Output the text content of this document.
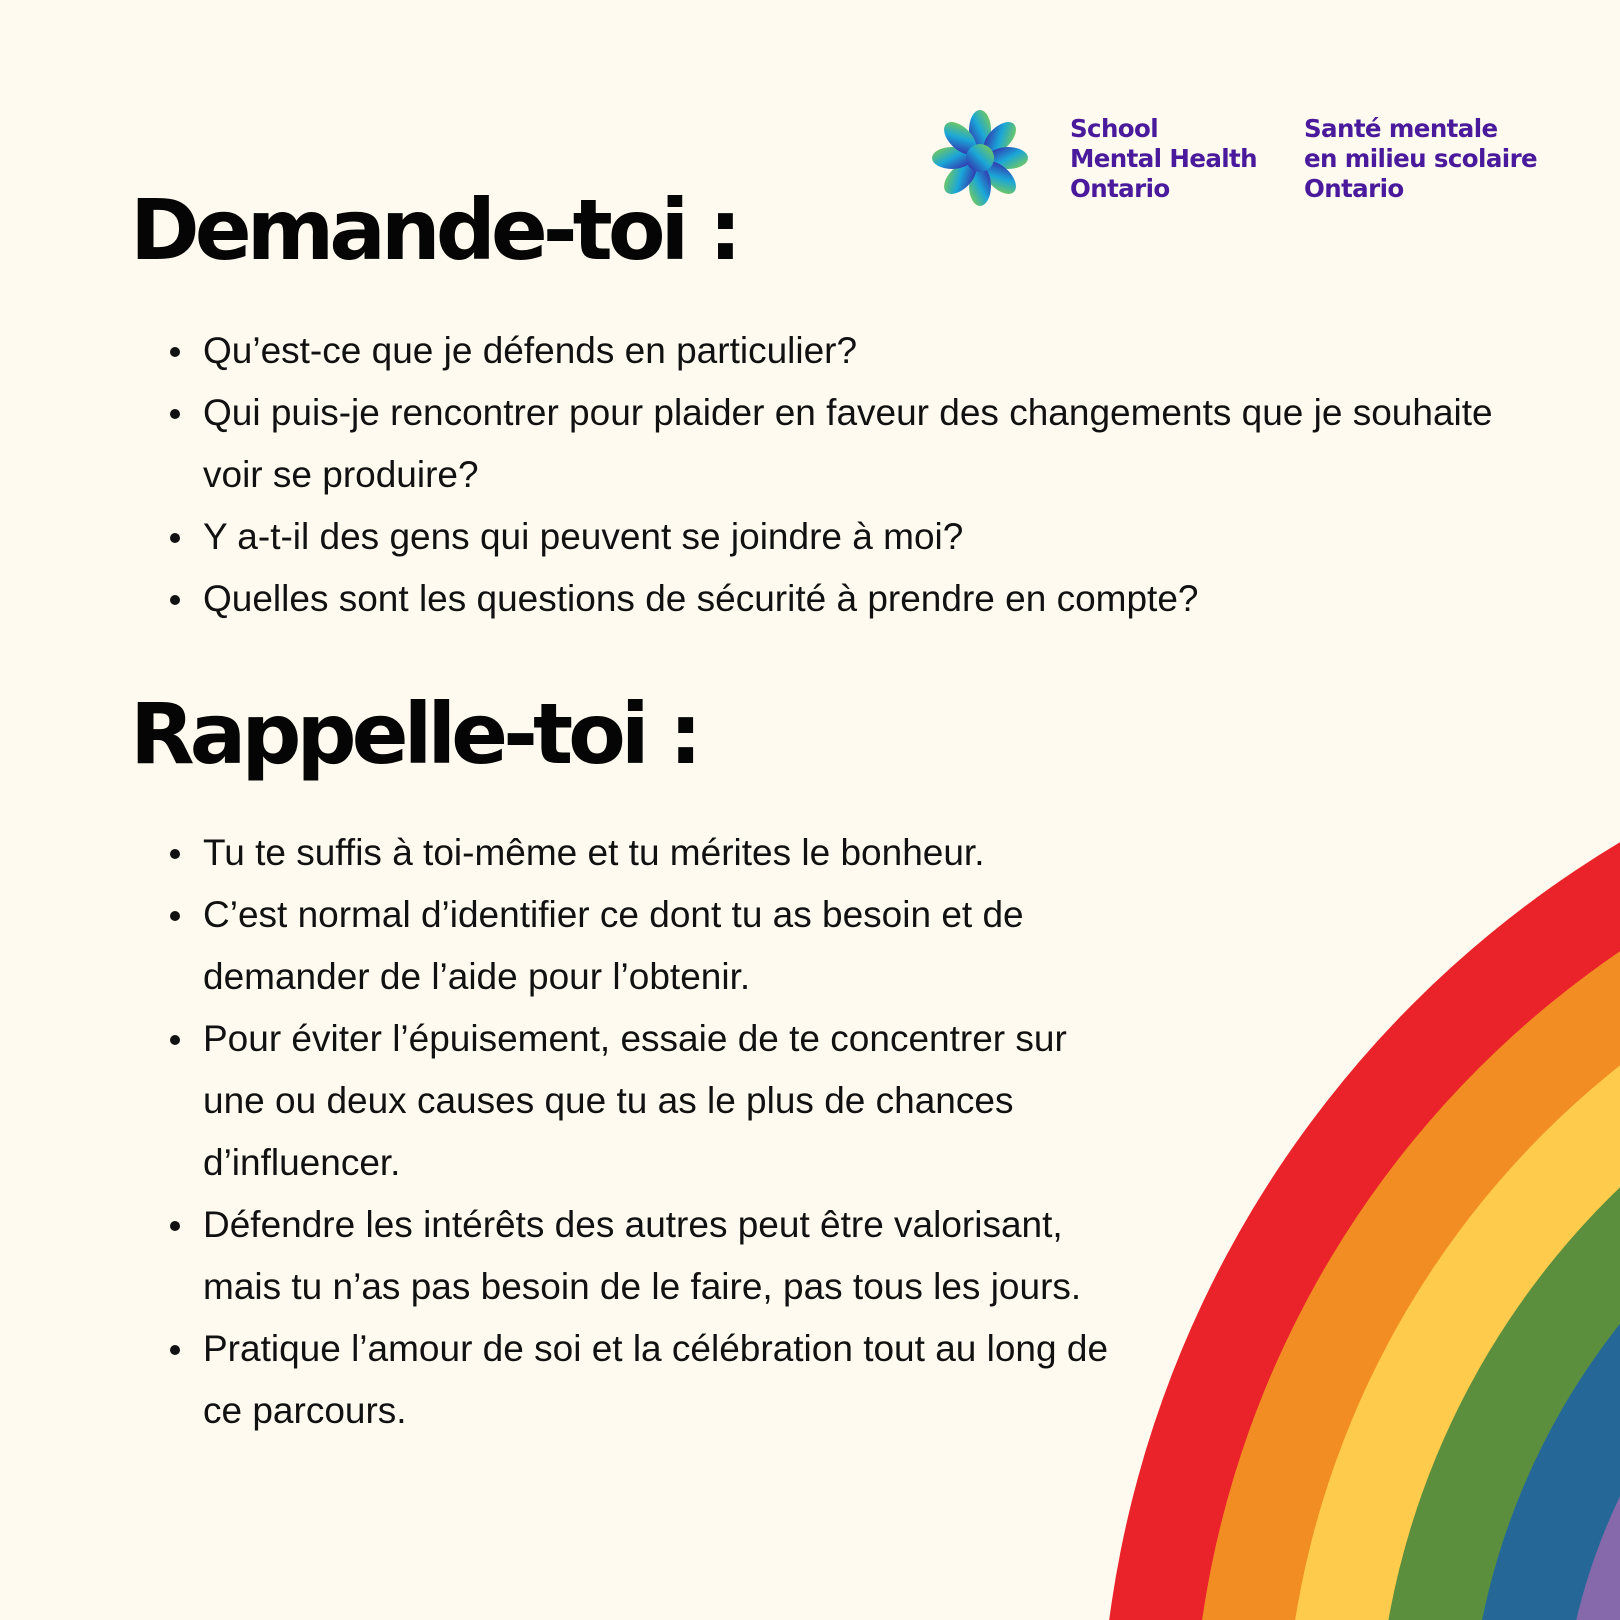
School
Mental Health
Ontario
Santé mentale
en milieu scolaire
Ontario
Demande-toi :
Qu’est-ce que je défends en particulier?
Qui puis-je rencontrer pour plaider en faveur des changements que je souhaite voir se produire?
Y a-t-il des gens qui peuvent se joindre à moi?
Quelles sont les questions de sécurité à prendre en compte?
Rappelle-toi :
Tu te suffis à toi-même et tu mérites le bonheur.
C’est normal d’identifier ce dont tu as besoin et de demander de l’aide pour l’obtenir.
Pour éviter l’épuisement, essaie de te concentrer sur une ou deux causes que tu as le plus de chances d’influencer.
Défendre les intérêts des autres peut être valorisant, mais tu n’as pas besoin de le faire, pas tous les jours.
Pratique l’amour de soi et la célébration tout au long de ce parcours.
